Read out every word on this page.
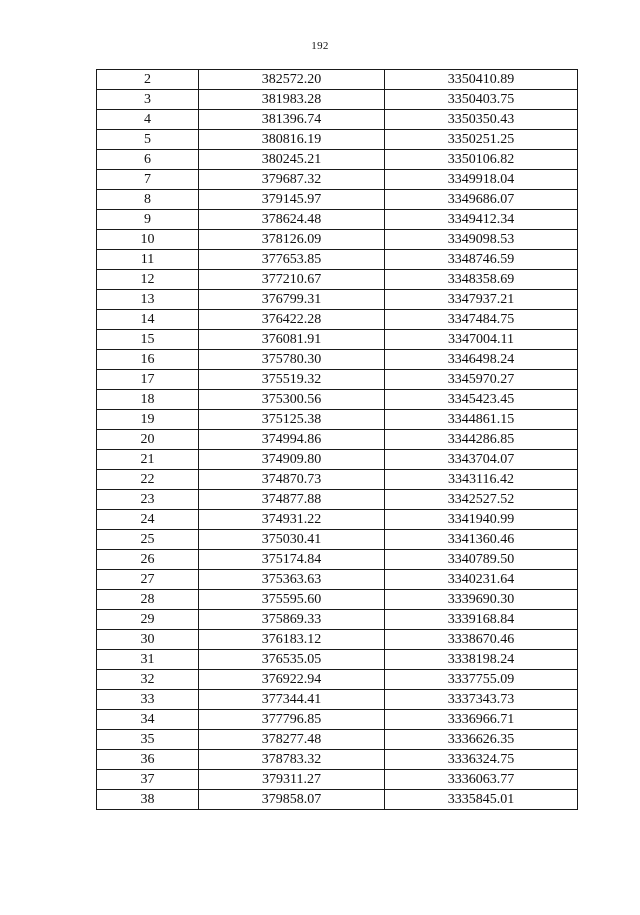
192
2	382572.20	3350410.89
3	381983.28	3350403.75
4	381396.74	3350350.43
5	380816.19	3350251.25
6	380245.21	3350106.82
7	379687.32	3349918.04
8	379145.97	3349686.07
9	378624.48	3349412.34
10	378126.09	3349098.53
11	377653.85	3348746.59
12	377210.67	3348358.69
13	376799.31	3347937.21
14	376422.28	3347484.75
15	376081.91	3347004.11
16	375780.30	3346498.24
17	375519.32	3345970.27
18	375300.56	3345423.45
19	375125.38	3344861.15
20	374994.86	3344286.85
21	374909.80	3343704.07
22	374870.73	3343116.42
23	374877.88	3342527.52
24	374931.22	3341940.99
25	375030.41	3341360.46
26	375174.84	3340789.50
27	375363.63	3340231.64
28	375595.60	3339690.30
29	375869.33	3339168.84
30	376183.12	3338670.46
31	376535.05	3338198.24
32	376922.94	3337755.09
33	377344.41	3337343.73
34	377796.85	3336966.71
35	378277.48	3336626.35
36	378783.32	3336324.75
37	379311.27	3336063.77
38	379858.07	3335845.01
